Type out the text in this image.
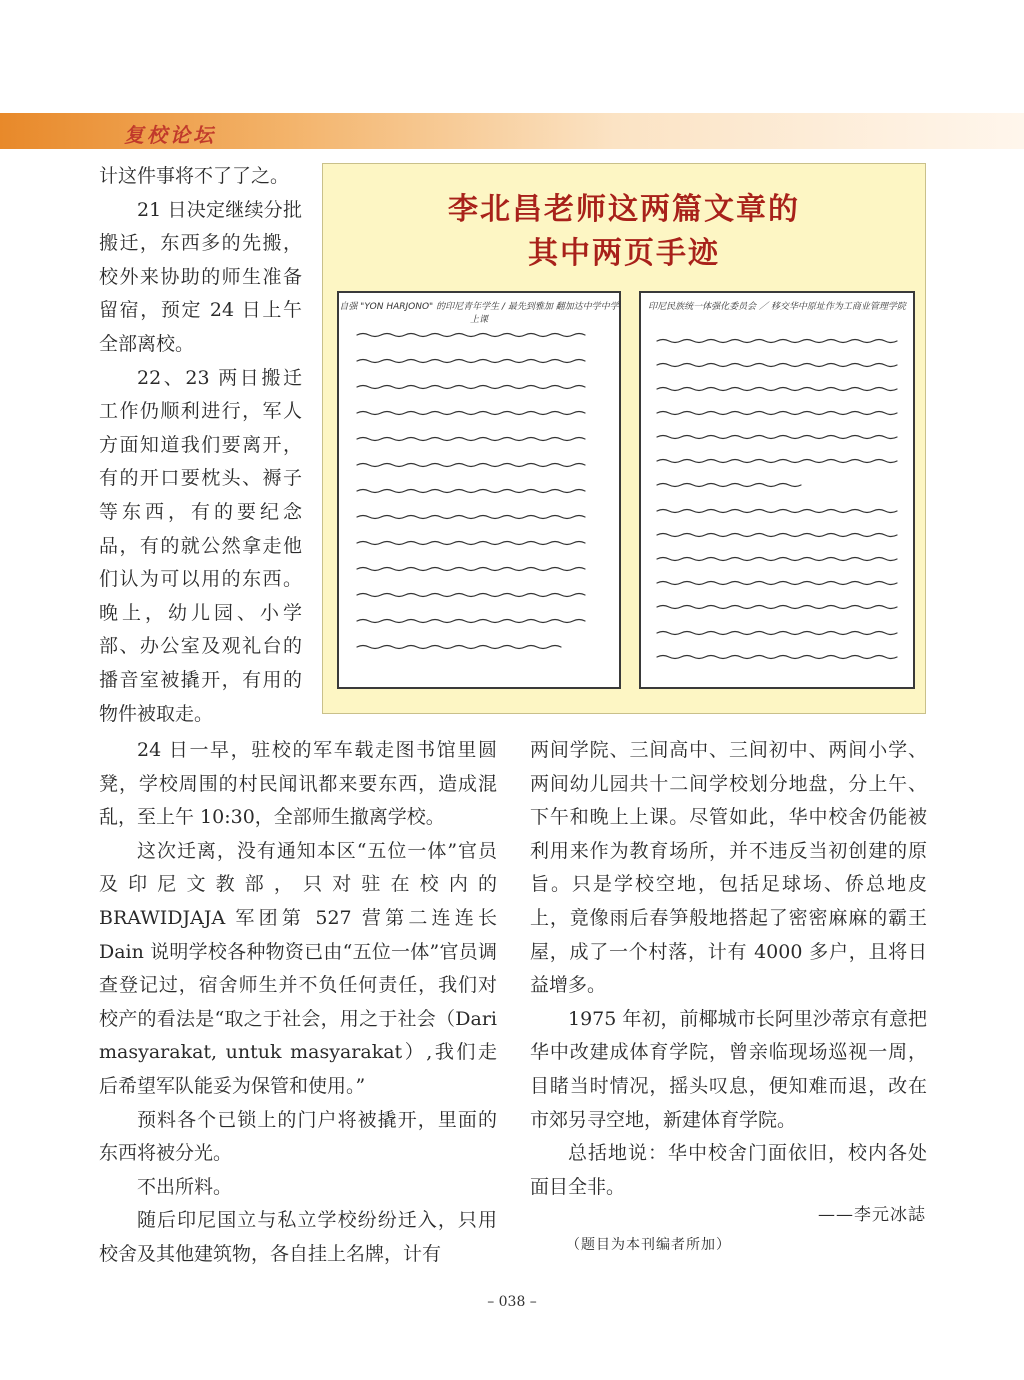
复校论坛

计这件事将不了了之。

21 日决定继续分批搬迁，东西多的先搬，校外来协助的师生准备留宿，预定 24 日上午全部离校。

22、23 两日搬迁工作仍顺利进行，军人方面知道我们要离开，有的开口要枕头、褥子等东西，有的要纪念品，有的就公然拿走他们认为可以用的东西。晚上，幼儿园、小学部、办公室及观礼台的播音室被撬开，有用的物件被取走。

李北昌老师这两篇文章的
其中两页手迹
自强 "YON HARJONO" 的印尼青年学生 / 最先到雅加 翻加达中学中学上课
印尼民族统一体强化委员会 ／ 移交华中原址作为工商业管理学院

24 日一早，驻校的军车载走图书馆里圆凳，学校周围的村民闻讯都来要东西，造成混乱，至上午 10:30，全部师生撤离学校。

这次迁离，没有通知本区“五位一体”官员及印尼文教部，只对驻在校内的 BRAWIDJAJA 军团第 527 营第二连连长 Dain 说明学校各种物资已由“五位一体”官员调查登记过，宿舍师生并不负任何责任，我们对校产的看法是“取之于社会，用之于社会（Dari masyarakat, untuk masyarakat）,我们走后希望军队能妥为保管和使用。”

预料各个已锁上的门户将被撬开，里面的东西将被分光。

不出所料。

随后印尼国立与私立学校纷纷迁入，只用校舍及其他建筑物，各自挂上名牌，计有

两间学院、三间高中、三间初中、两间小学、两间幼儿园共十二间学校划分地盘，分上午、下午和晚上上课。尽管如此，华中校舍仍能被利用来作为教育场所，并不违反当初创建的原旨。只是学校空地，包括足球场、侨总地皮上，竟像雨后春笋般地搭起了密密麻麻的霸王屋，成了一个村落，计有 4000 多户，且将日益增多。

1975 年初，前椰城市长阿里沙蒂京有意把华中改建成体育学院，曾亲临现场巡视一周，目睹当时情况，摇头叹息，便知难而退，改在市郊另寻空地，新建体育学院。

总括地说：华中校舍门面依旧，校内各处面目全非。

——李元冰誌
（题目为本刊编者所加）
– 038 –
